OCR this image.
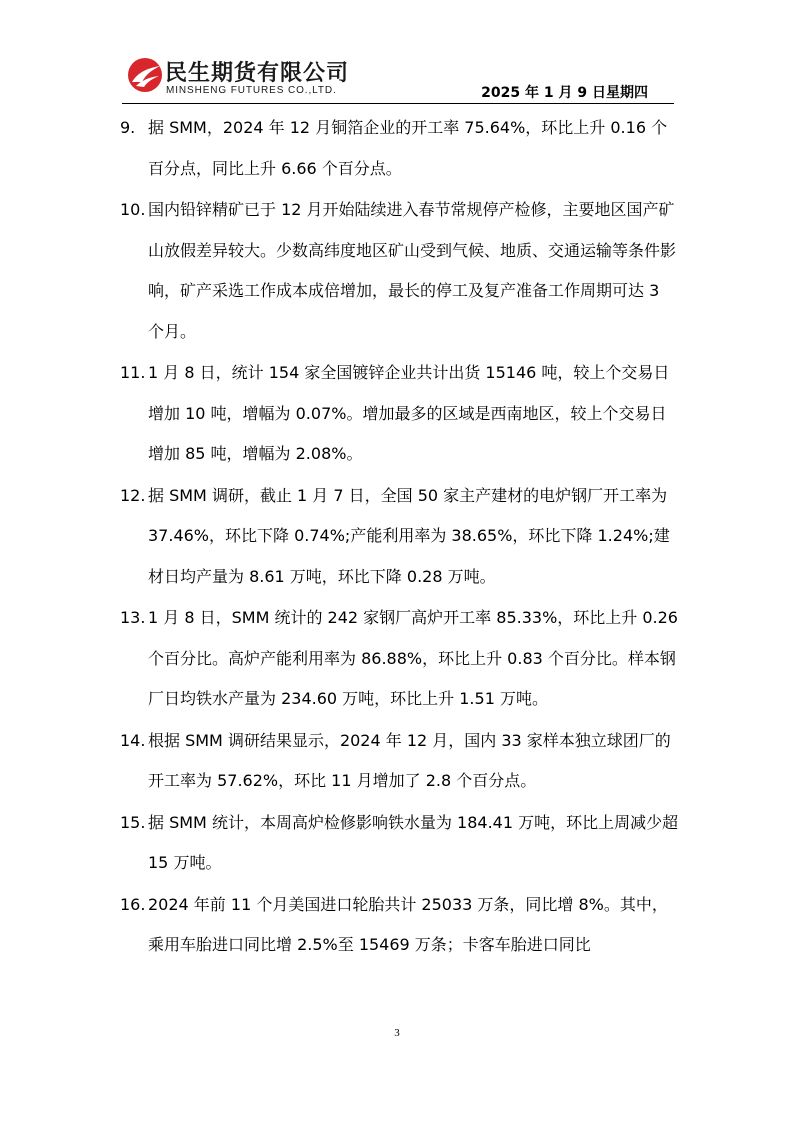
民生期货有限公司
MINSHENG FUTURES CO.,LTD.	2025 年 1 月 9 日星期四
9. 据 SMM，2024 年 12 月铜箔企业的开工率 75.64%，环比上升 0.16 个百分点，同比上升 6.66 个百分点。
10. 国内铅锌精矿已于 12 月开始陆续进入春节常规停产检修，主要地区国产矿山放假差异较大。少数高纬度地区矿山受到气候、地质、交通运输等条件影响，矿产采选工作成本成倍增加，最长的停工及复产准备工作周期可达 3 个月。
11. 1 月 8 日，统计 154 家全国镀锌企业共计出货 15146 吨，较上个交易日增加 10 吨，增幅为 0.07%。增加最多的区域是西南地区，较上个交易日增加 85 吨，增幅为 2.08%。
12. 据 SMM 调研，截止 1 月 7 日，全国 50 家主产建材的电炉钢厂开工率为 37.46%，环比下降 0.74%;产能利用率为 38.65%，环比下降 1.24%;建材日均产量为 8.61 万吨，环比下降 0.28 万吨。
13. 1 月 8 日，SMM 统计的 242 家钢厂高炉开工率 85.33%，环比上升 0.26 个百分比。高炉产能利用率为 86.88%，环比上升 0.83 个百分比。样本钢厂日均铁水产量为 234.60 万吨，环比上升 1.51 万吨。
14. 根据 SMM 调研结果显示，2024 年 12 月，国内 33 家样本独立球团厂的开工率为 57.62%，环比 11 月增加了 2.8 个百分点。
15. 据 SMM 统计，本周高炉检修影响铁水量为 184.41 万吨，环比上周减少超 15 万吨。
16. 2024 年前 11 个月美国进口轮胎共计 25033 万条，同比增 8%。其中，乘用车胎进口同比增 2.5%至 15469 万条；卡客车胎进口同比
3
